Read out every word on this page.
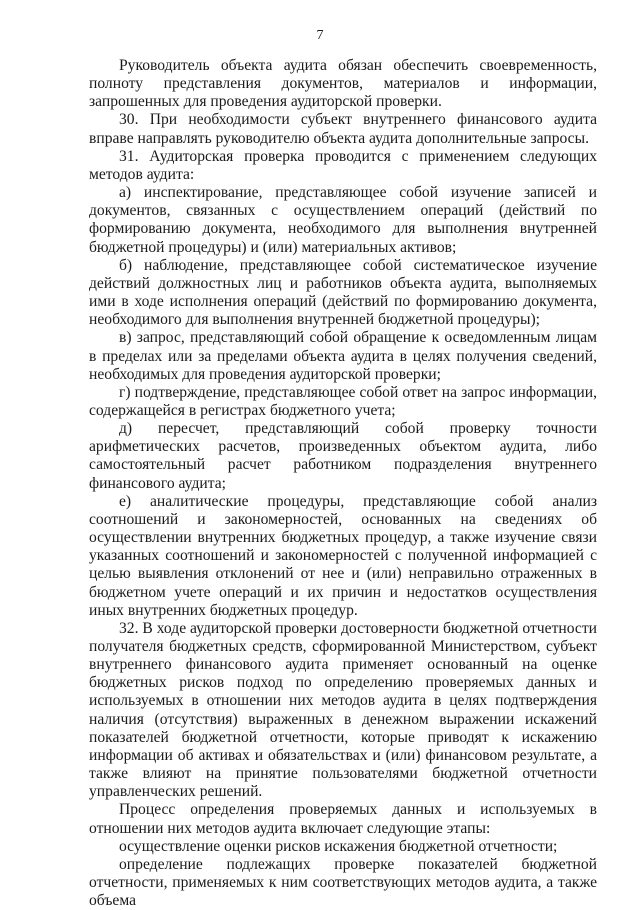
7

Руководитель объекта аудита обязан обеспечить своевременность, полноту представления документов, материалов и информации, запрошенных для проведения аудиторской проверки.

30. При необходимости субъект внутреннего финансового аудита вправе направлять руководителю объекта аудита дополнительные запросы.

31. Аудиторская проверка проводится с применением следующих методов аудита:

а) инспектирование, представляющее собой изучение записей и документов, связанных с осуществлением операций (действий по формированию документа, необходимого для выполнения внутренней бюджетной процедуры) и (или) материальных активов;

б) наблюдение, представляющее собой систематическое изучение действий должностных лиц и работников объекта аудита, выполняемых ими в ходе исполнения операций (действий по формированию документа, необходимого для выполнения внутренней бюджетной процедуры);

в) запрос, представляющий собой обращение к осведомленным лицам в пределах или за пределами объекта аудита в целях получения сведений, необходимых для проведения аудиторской проверки;

г) подтверждение, представляющее собой ответ на запрос информации, содержащейся в регистрах бюджетного учета;

д) пересчет, представляющий собой проверку точности арифметических расчетов, произведенных объектом аудита, либо самостоятельный расчет работником подразделения внутреннего финансового аудита;

е) аналитические процедуры, представляющие собой анализ соотношений и закономерностей, основанных на сведениях об осуществлении внутренних бюджетных процедур, а также изучение связи указанных соотношений и закономерностей с полученной информацией с целью выявления отклонений от нее и (или) неправильно отраженных в бюджетном учете операций и их причин и недостатков осуществления иных внутренних бюджетных процедур.

32. В ходе аудиторской проверки достоверности бюджетной отчетности получателя бюджетных средств, сформированной Министерством, субъект внутреннего финансового аудита применяет основанный на оценке бюджетных рисков подход по определению проверяемых данных и используемых в отношении них методов аудита в целях подтверждения наличия (отсутствия) выраженных в денежном выражении искажений показателей бюджетной отчетности, которые приводят к искажению информации об активах и обязательствах и (или) финансовом результате, а также влияют на принятие пользователями бюджетной отчетности управленческих решений.

Процесс определения проверяемых данных и используемых в отношении них методов аудита включает следующие этапы:

осуществление оценки рисков искажения бюджетной отчетности;

определение подлежащих проверке показателей бюджетной отчетности, применяемых к ним соответствующих методов аудита, а также объема
